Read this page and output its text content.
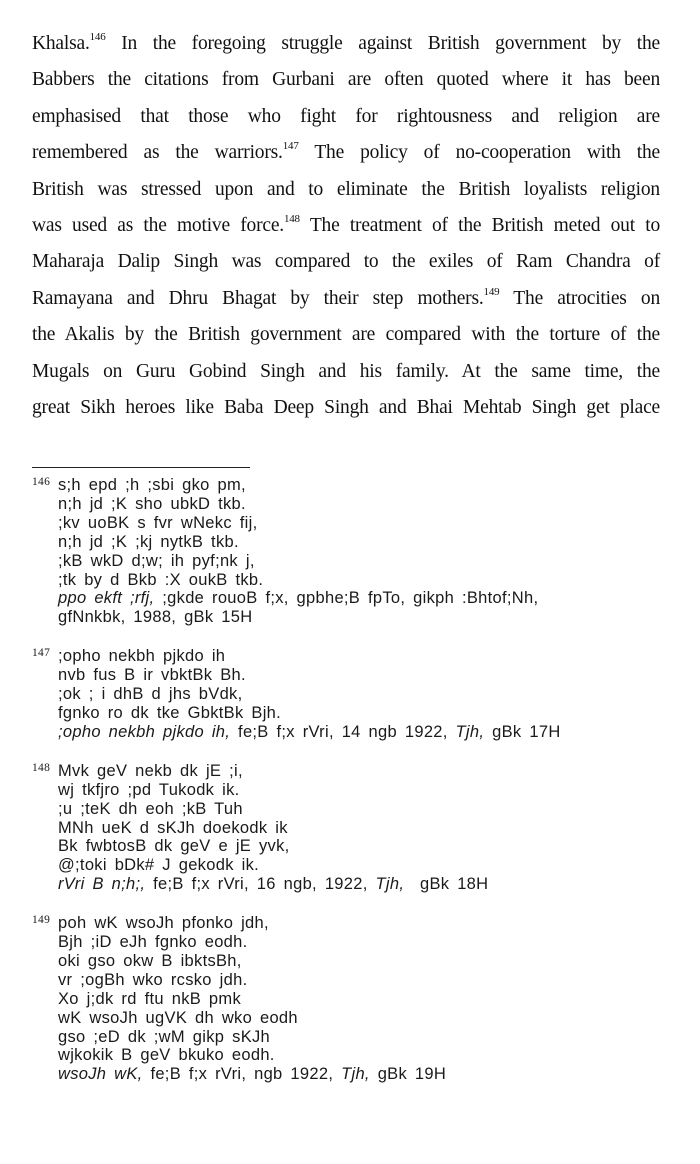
Khalsa.$^{146}$ In the foregoing struggle against British government by the
Babbers the citations from Gurbani are often quoted where it has been
emphasised that those who fight for rightousness and religion are
remembered as the warriors.$^{147}$ The policy of no-cooperation with the
British was stressed upon and to eliminate the British loyalists religion
was used as the motive force.$^{148}$ The treatment of the British meted out to
Maharaja Dalip Singh was compared to the exiles of Ram Chandra of
Ramayana and Dhru Bhagat by their step mothers.$^{149}$ The atrocities on
the Akalis by the British government are compared with the torture of the
Mugals on Guru Gobind Singh and his family. At the same time, the
great Sikh heroes like Baba Deep Singh and Bhai Mehtab Singh get place
146 s;h epd ;h ;sbi gko pm,
n;h jd ;K sho ubkD tkb.
;kv uoBK s fvr wNekc fij,
n;h jd ;K ;kj nytkB tkb.
;kB wkD d;w; ih pyf;nk j,
;tk by d Bkb :X oukB tkb.
ppo ekft ;rfj, ;gkde rouoB f;x, gpbhe;B fpTo, gikph :Bhtof;Nh,
gfNnkbk, 1988, gBk 15H
147 ;opho nekbh pjkdo ih
nvb fus B ir vbktBk Bh.
;ok ; i dhB d jhs bVdk,
fgnko ro dk tke GbktBk Bjh.
;opho nekbh pjkdo ih, fe;B f;x rVri, 14 ngb 1922, Tjh, gBk 17H
148 Mvk geV nekb dk jE ;i,
wj tkfjro ;pd Tukodk ik.
;u ;teK dh eoh ;kB Tuh
MNh ueK d sKJh doekodk ik
Bk fwbtosB dk geV e jE yvk,
@;toki bDk# J gekodk ik.
rVri B n;h;, fe;B f;x rVri, 16 ngb, 1922, Tjh,  gBk 18H
149 poh wK wsoJh pfonko jdh,
Bjh ;iD eJh fgnko eodh.
oki gso okw B ibktsBh,
vr ;ogBh wko rcsko jdh.
Xo j;dk rd ftu nkB pmk
wK wsoJh ugVK dh wko eodh
gso ;eD dk ;wM gikp sKJh
wjkokik B geV bkuko eodh.
wsoJh wK, fe;B f;x rVri, ngb 1922, Tjh, gBk 19H
